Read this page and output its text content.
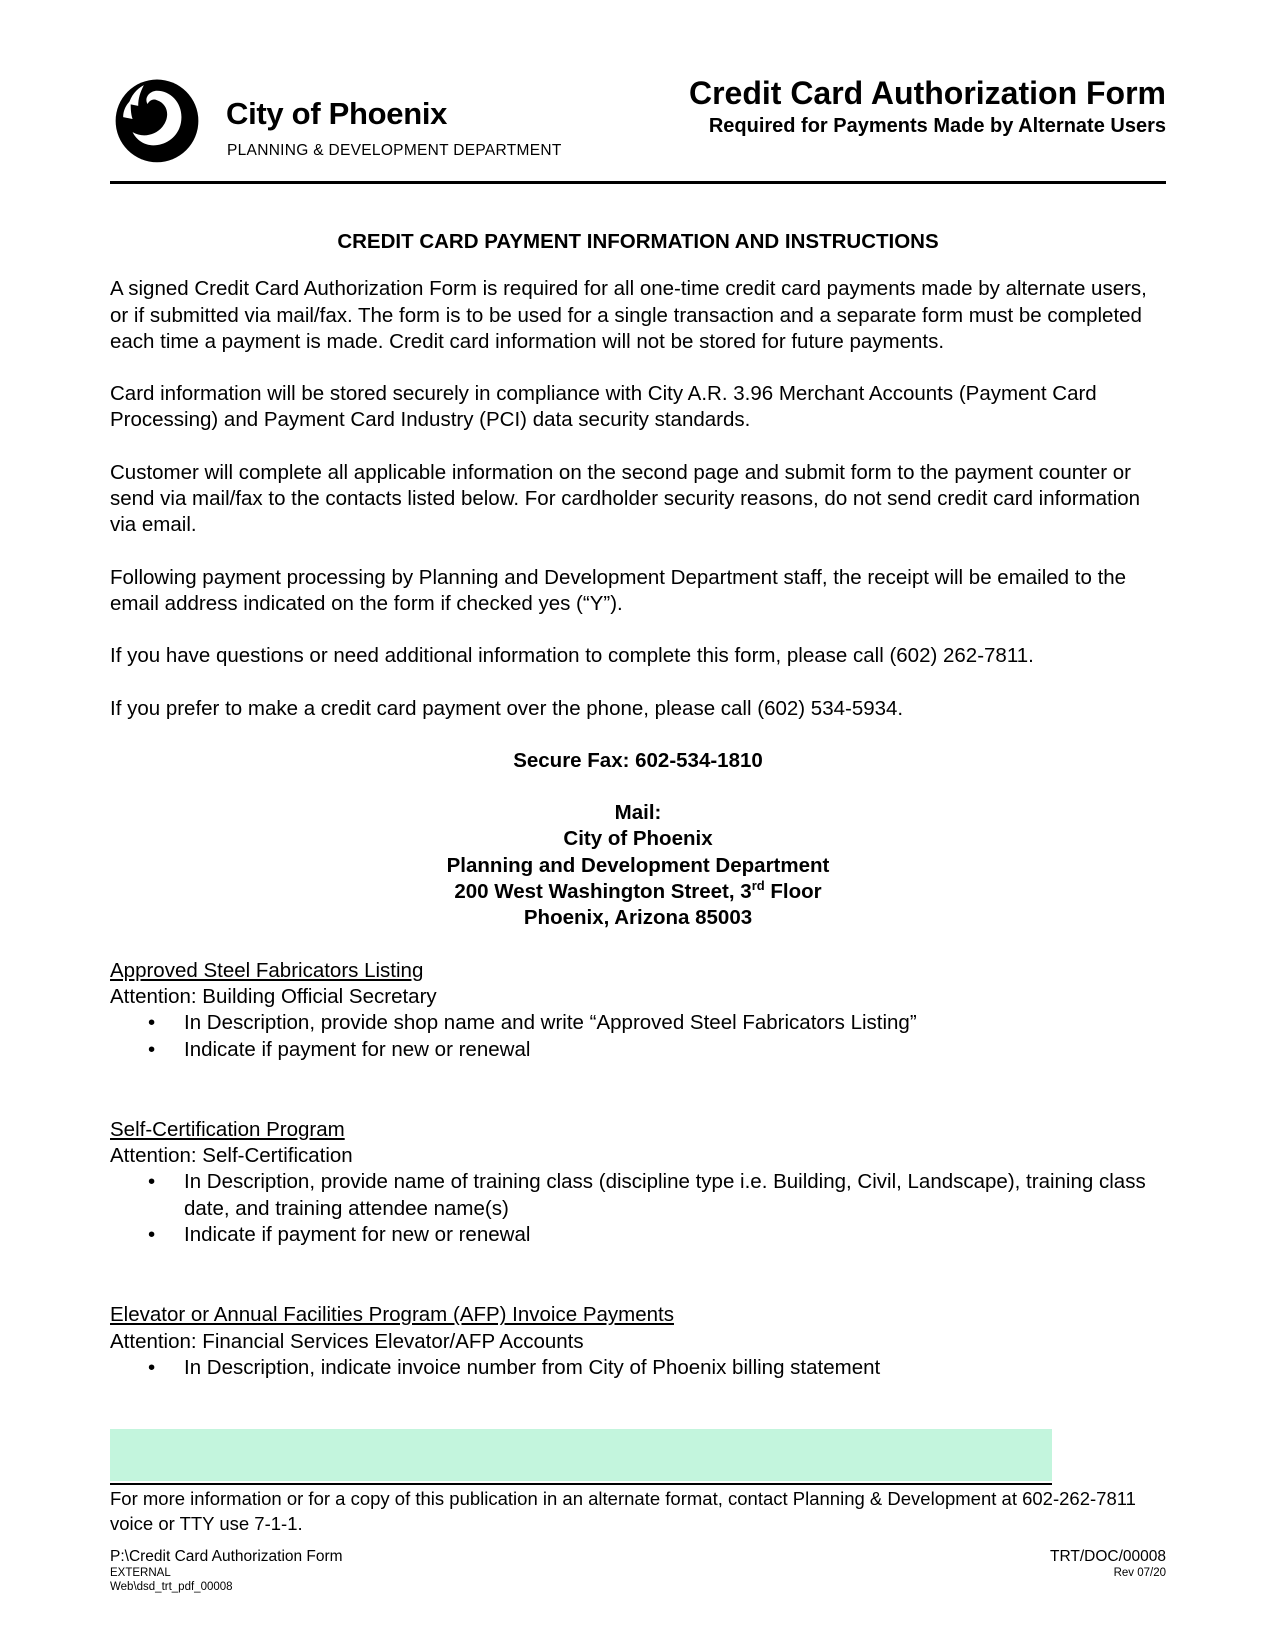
City of Phoenix
PLANNING & DEVELOPMENT DEPARTMENT
Credit Card Authorization Form
Required for Payments Made by Alternate Users
CREDIT CARD PAYMENT INFORMATION AND INSTRUCTIONS

A signed Credit Card Authorization Form is required for all one-time credit card payments made by alternate users, or if submitted via mail/fax. The form is to be used for a single transaction and a separate form must be completed each time a payment is made. Credit card information will not be stored for future payments.

Card information will be stored securely in compliance with City A.R. 3.96 Merchant Accounts (Payment Card Processing) and Payment Card Industry (PCI) data security standards.

Customer will complete all applicable information on the second page and submit form to the payment counter or send via mail/fax to the contacts listed below. For cardholder security reasons, do not send credit card information via email.

Following payment processing by Planning and Development Department staff, the receipt will be emailed to the email address indicated on the form if checked yes (“Y”).

If you have questions or need additional information to complete this form, please call (602) 262-7811.

If you prefer to make a credit card payment over the phone, please call (602) 534-5934.

Secure Fax: 602-534-1810
Mail:
City of Phoenix
Planning and Development Department
200 West Washington Street, 3rd Floor
Phoenix, Arizona 85003
Approved Steel Fabricators Listing
Attention: Building Official Secretary
• In Description, provide shop name and write “Approved Steel Fabricators Listing”
• Indicate if payment for new or renewal
Self-Certification Program
Attention: Self-Certification
• In Description, provide name of training class (discipline type i.e. Building, Civil, Landscape), training class date, and training attendee name(s)
• Indicate if payment for new or renewal
Elevator or Annual Facilities Program (AFP) Invoice Payments
Attention: Financial Services Elevator/AFP Accounts
• In Description, indicate invoice number from City of Phoenix billing statement
For more information or for a copy of this publication in an alternate format, contact Planning & Development at 602-262-7811 voice or TTY use 7-1-1.
P:\Credit Card Authorization Form
EXTERNAL
Web\dsd_trt_pdf_00008
TRT/DOC/00008
Rev 07/20
